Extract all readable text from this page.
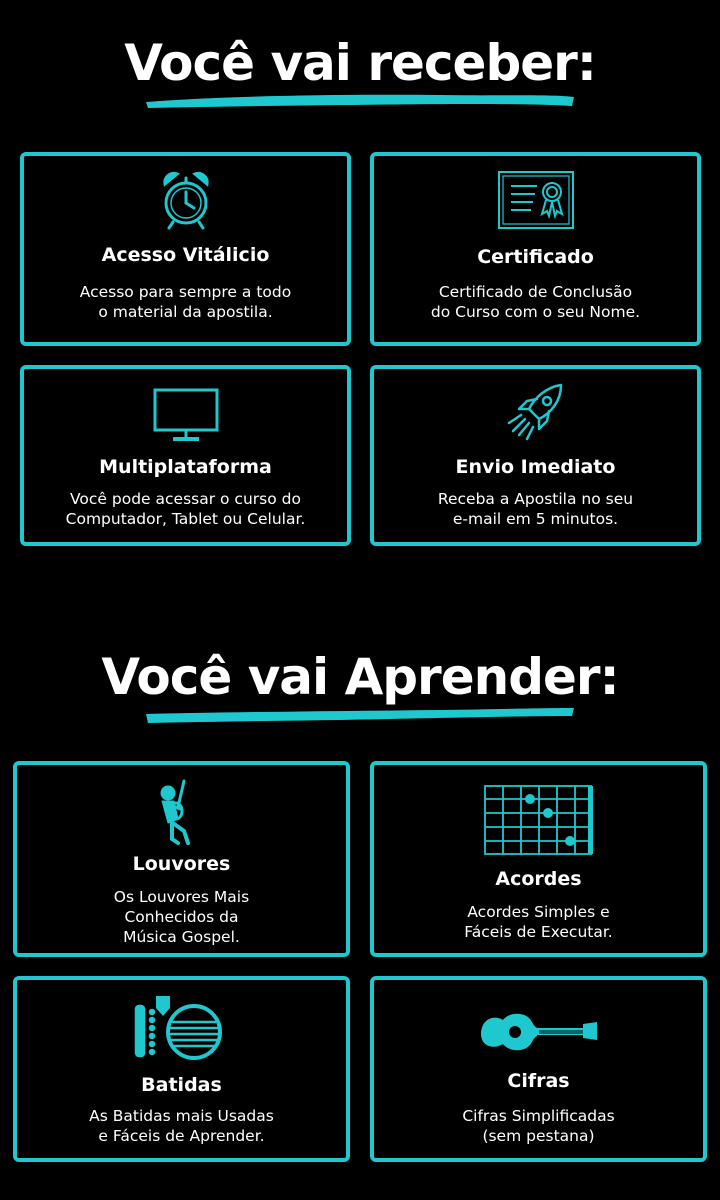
Você vai receber:
Acesso Vitálicio
Acesso para sempre a todo
o material da apostila.
Certificado
Certificado de Conclusão
do Curso com o seu Nome.
Multiplataforma
Você pode acessar o curso do
Computador, Tablet ou Celular.
Envio Imediato
Receba a Apostila no seu
e-mail em 5 minutos.
Você vai Aprender:
Louvores
Os Louvores Mais
Conhecidos da
Música Gospel.
Acordes
Acordes Simples e
Fáceis de Executar.
Batidas
As Batidas mais Usadas
e Fáceis de Aprender.
Cifras
Cifras Simplificadas
(sem pestana)
